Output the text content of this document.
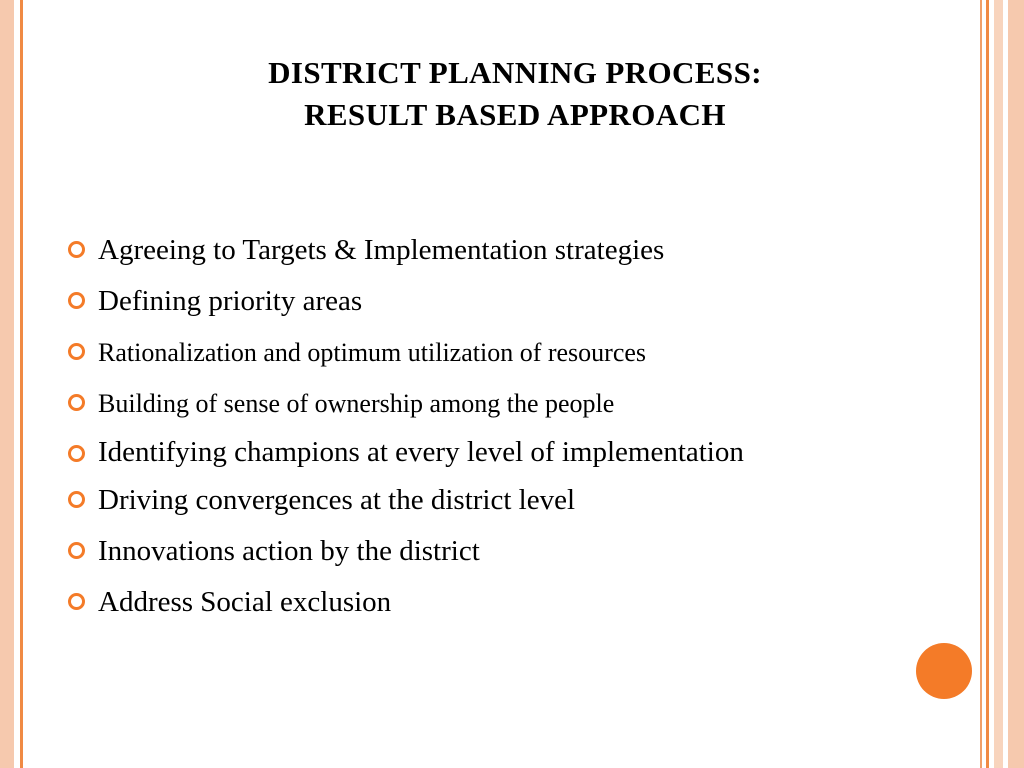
DISTRICT PLANNING PROCESS:
RESULT BASED APPROACH
Agreeing to Targets & Implementation strategies
Defining priority areas
Rationalization and optimum utilization of resources
Building of sense of ownership among the people
Identifying champions at every level of implementation
Driving convergences at the district level
Innovations action by the district
Address Social exclusion
